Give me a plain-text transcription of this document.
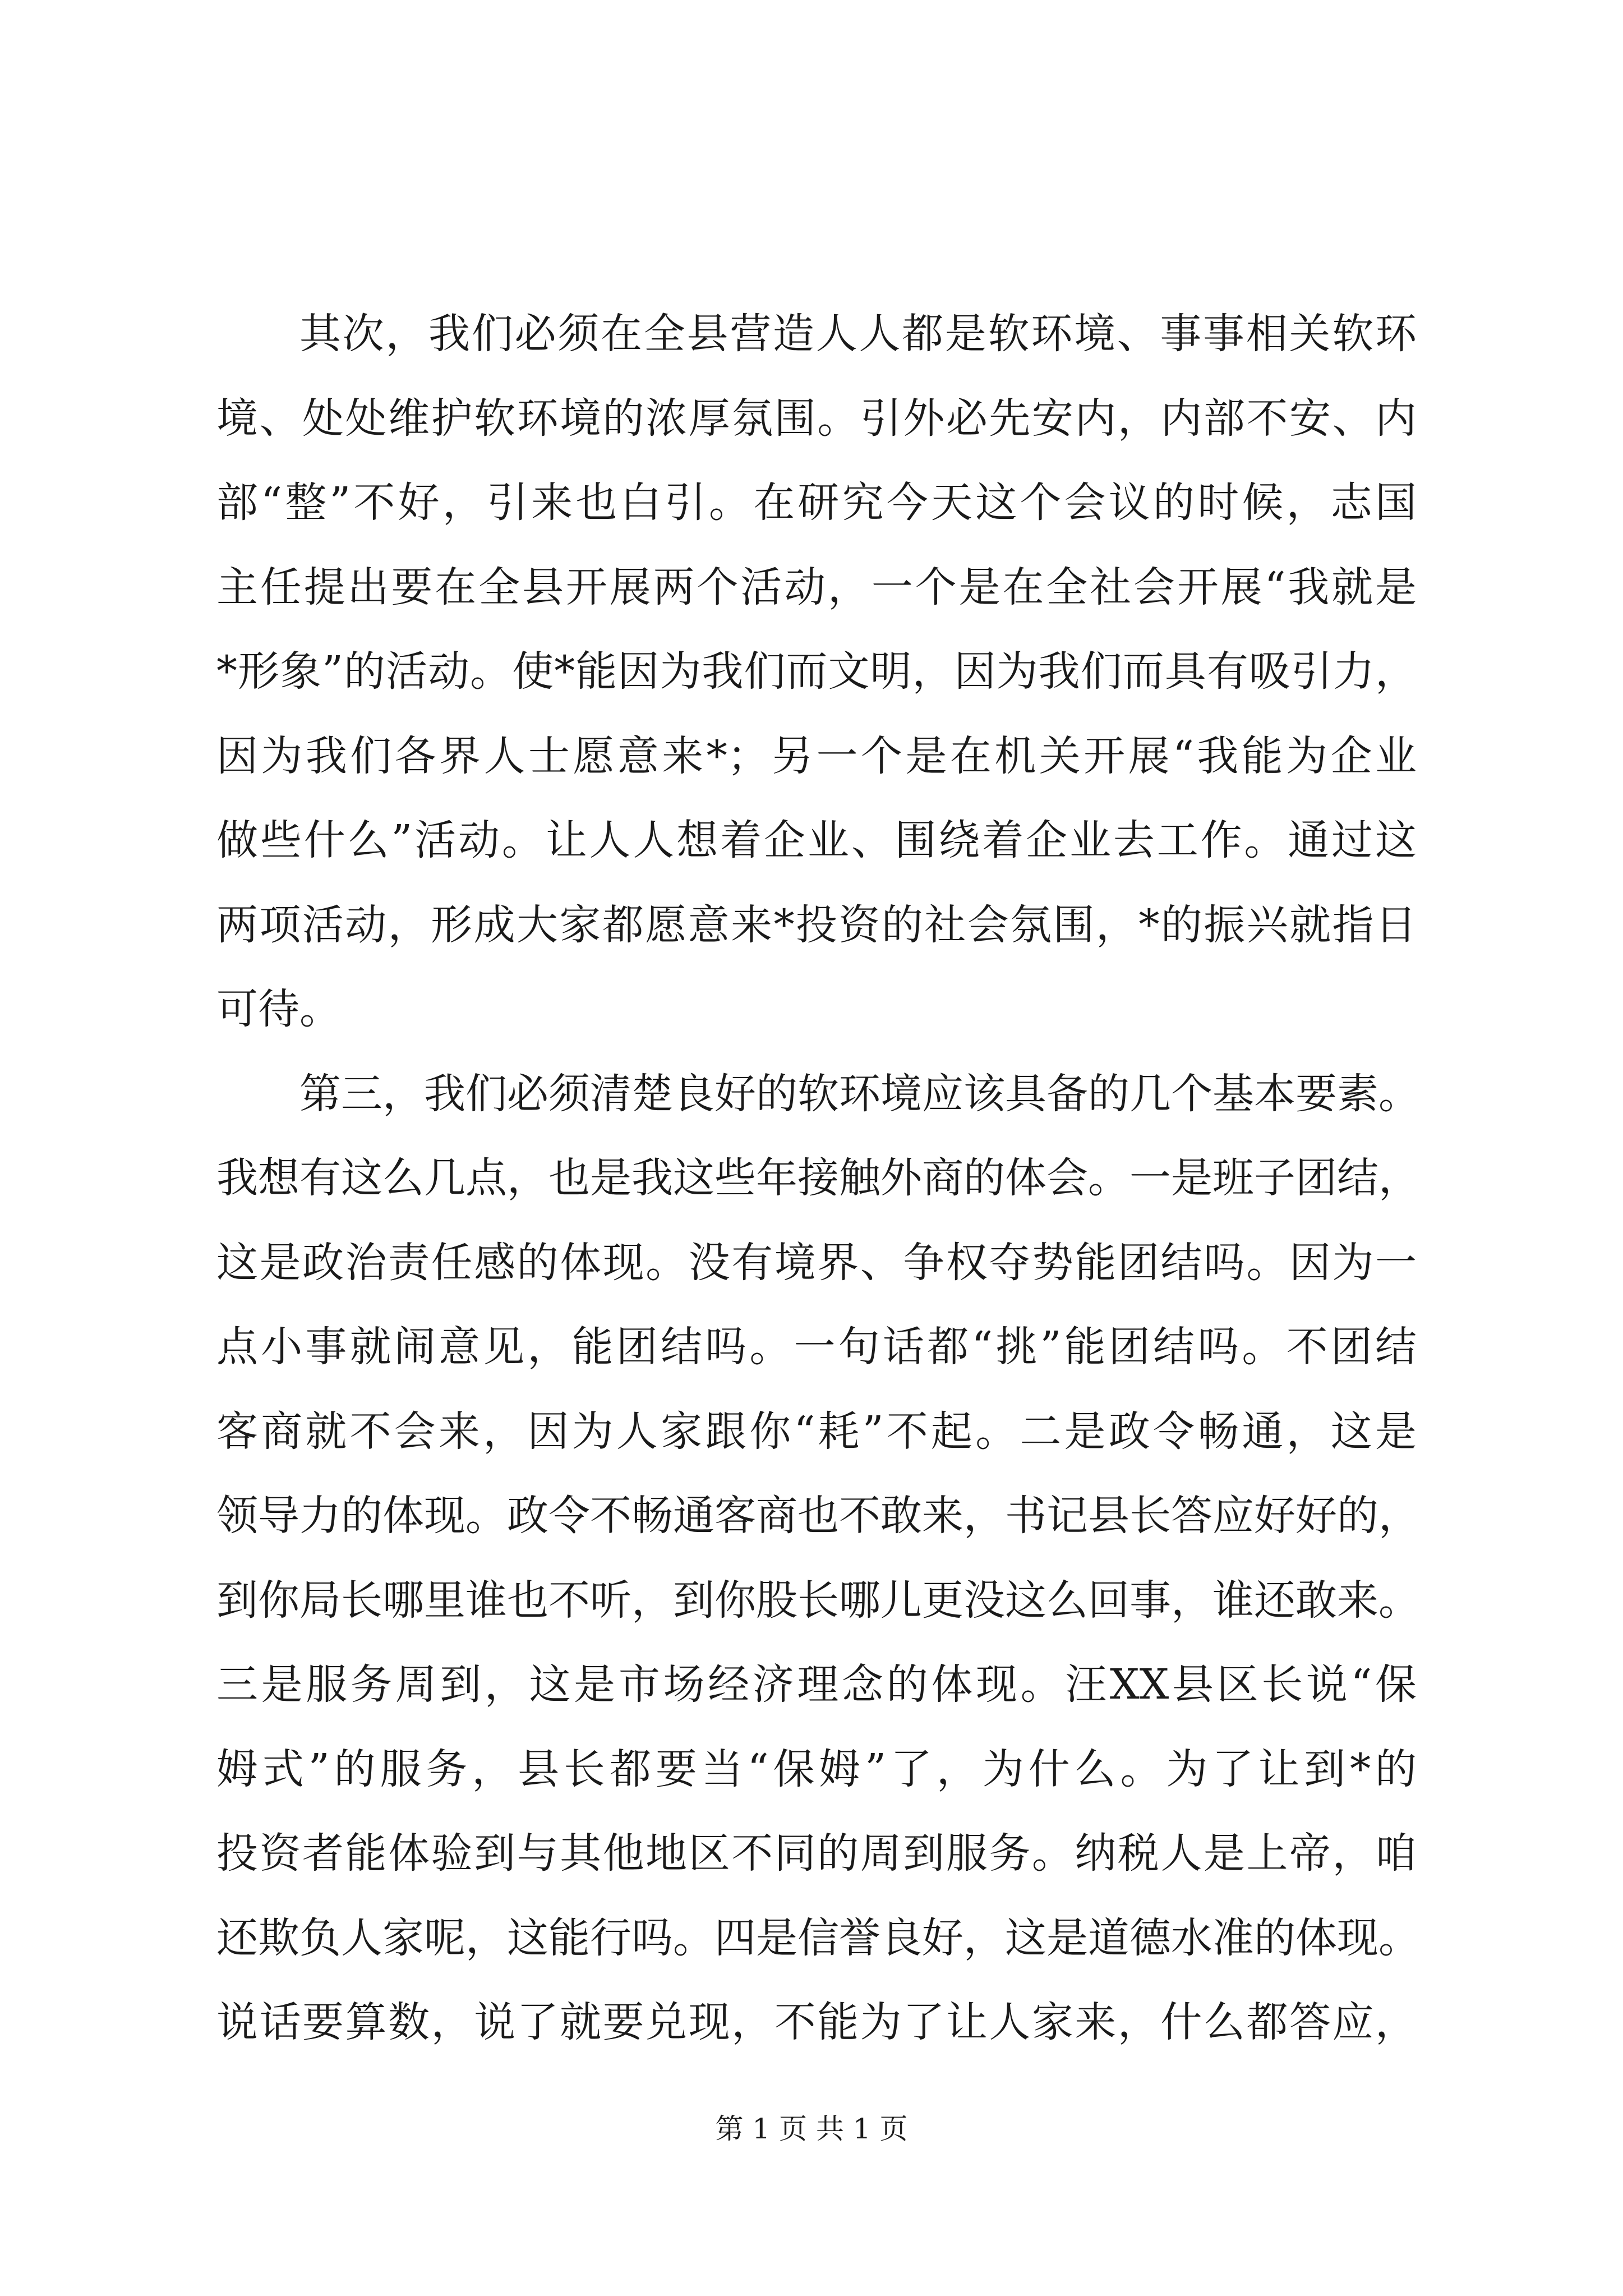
其次，我们必须在全县营造人人都是软环境、事事相关软环
境、处处维护软环境的浓厚氛围。引外必先安内，内部不安、内
部“整”不好，引来也白引。在研究今天这个会议的时候，志国
主任提出要在全县开展两个活动，一个是在全社会开展“我就是
*形象”的活动。使*能因为我们而文明，因为我们而具有吸引力，
因为我们各界人士愿意来*；另一个是在机关开展“我能为企业
做些什么”活动。让人人想着企业、围绕着企业去工作。通过这
两项活动，形成大家都愿意来*投资的社会氛围，*的振兴就指日
可待。
第三，我们必须清楚良好的软环境应该具备的几个基本要素。
我想有这么几点，也是我这些年接触外商的体会。一是班子团结，
这是政治责任感的体现。没有境界、争权夺势能团结吗。因为一
点小事就闹意见，能团结吗。一句话都“挑”能团结吗。不团结
客商就不会来，因为人家跟你“耗”不起。二是政令畅通，这是
领导力的体现。政令不畅通客商也不敢来，书记县长答应好好的，
到你局长哪里谁也不听，到你股长哪儿更没这么回事，谁还敢来。
三是服务周到，这是市场经济理念的体现。汪XX县区长说“保
姆式”的服务，县长都要当“保姆”了，为什么。为了让到*的
投资者能体验到与其他地区不同的周到服务。纳税人是上帝，咱
还欺负人家呢，这能行吗。四是信誉良好，这是道德水准的体现。
说话要算数，说了就要兑现，不能为了让人家来，什么都答应，
第 1 页 共 1 页
